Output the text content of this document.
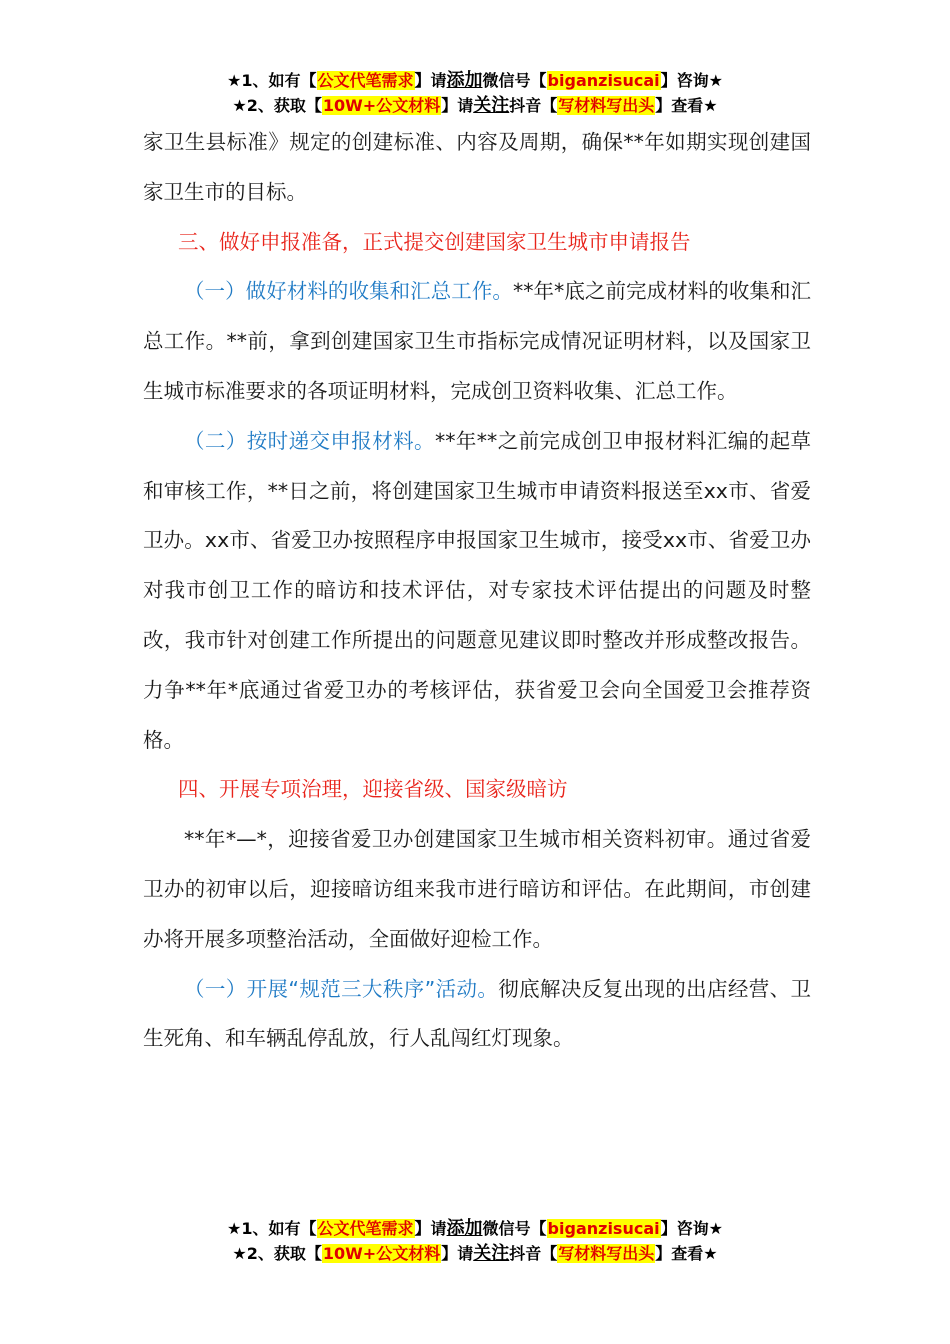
★1、如有【公文代笔需求】请添加微信号【biganzisucai】咨询★
★2、获取【10W+公文材料】请关注抖音【写材料写出头】查看★

家卫生县标准》规定的创建标准、内容及周期，确保**年如期实现创建国家卫生市的目标。

三、做好申报准备，正式提交创建国家卫生城市申请报告

（一）做好材料的收集和汇总工作。**年*底之前完成材料的收集和汇总工作。**前，拿到创建国家卫生市指标完成情况证明材料，以及国家卫生城市标准要求的各项证明材料，完成创卫资料收集、汇总工作。

（二）按时递交申报材料。**年**之前完成创卫申报材料汇编的起草和审核工作，**日之前，将创建国家卫生城市申请资料报送至xx市、省爱卫办。xx市、省爱卫办按照程序申报国家卫生城市，接受xx市、省爱卫办对我市创卫工作的暗访和技术评估，对专家技术评估提出的问题及时整改，我市针对创建工作所提出的问题意见建议即时整改并形成整改报告。力争**年*底通过省爱卫办的考核评估，获省爱卫会向全国爱卫会推荐资格。

四、开展专项治理，迎接省级、国家级暗访

**年*—*，迎接省爱卫办创建国家卫生城市相关资料初审。通过省爱卫办的初审以后，迎接暗访组来我市进行暗访和评估。在此期间，市创建办将开展多项整治活动，全面做好迎检工作。

（一）开展“规范三大秩序”活动。彻底解决反复出现的出店经营、卫生死角、和车辆乱停乱放，行人乱闯红灯现象。

★1、如有【公文代笔需求】请添加微信号【biganzisucai】咨询★
★2、获取【10W+公文材料】请关注抖音【写材料写出头】查看★
